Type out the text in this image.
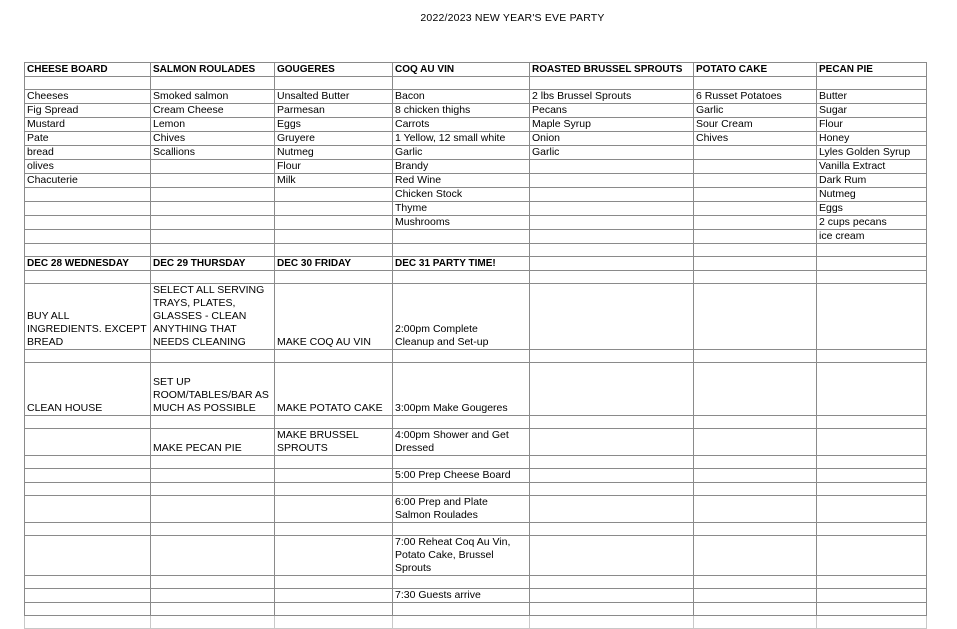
2022/2023 NEW YEAR'S EVE PARTY
CHEESE BOARD	SALMON ROULADES	GOUGERES	COQ AU VIN	ROASTED BRUSSEL SPROUTS	POTATO CAKE	PECAN PIE

Cheeses	Smoked salmon	Unsalted Butter	Bacon	2 lbs Brussel Sprouts	6 Russet Potatoes	Butter
Fig Spread	Cream Cheese	Parmesan	8 chicken thighs	Pecans	Garlic	Sugar
Mustard	Lemon	Eggs	Carrots	Maple Syrup	Sour Cream	Flour
Pate	Chives	Gruyere	1 Yellow, 12 small white	Onion	Chives	Honey
bread	Scallions	Nutmeg	Garlic	Garlic		Lyles Golden Syrup
olives		Flour	Brandy			Vanilla Extract
Chacuterie		Milk	Red Wine			Dark Rum
			Chicken Stock			Nutmeg
			Thyme			Eggs
			Mushrooms			2 cups pecans
						ice cream

DEC 28 WEDNESDAY	DEC 29 THURSDAY	DEC 30 FRIDAY	DEC 31 PARTY TIME!			

BUY ALL
INGREDIENTS. EXCEPT
BREAD	SELECT ALL SERVING
TRAYS, PLATES,
GLASSES - CLEAN
ANYTHING THAT
NEEDS CLEANING	MAKE COQ AU VIN	2:00pm Complete
Cleanup and Set-up			

CLEAN HOUSE	SET UP
ROOM/TABLES/BAR AS
MUCH AS POSSIBLE	MAKE POTATO CAKE	3:00pm Make Gougeres			

	MAKE PECAN PIE	MAKE BRUSSEL
SPROUTS	4:00pm Shower and Get
Dressed			

			5:00 Prep Cheese Board			

			6:00 Prep and Plate
Salmon Roulades			

			7:00 Reheat Coq Au Vin,
Potato Cake, Brussel
Sprouts			

			7:30 Guests arrive			
